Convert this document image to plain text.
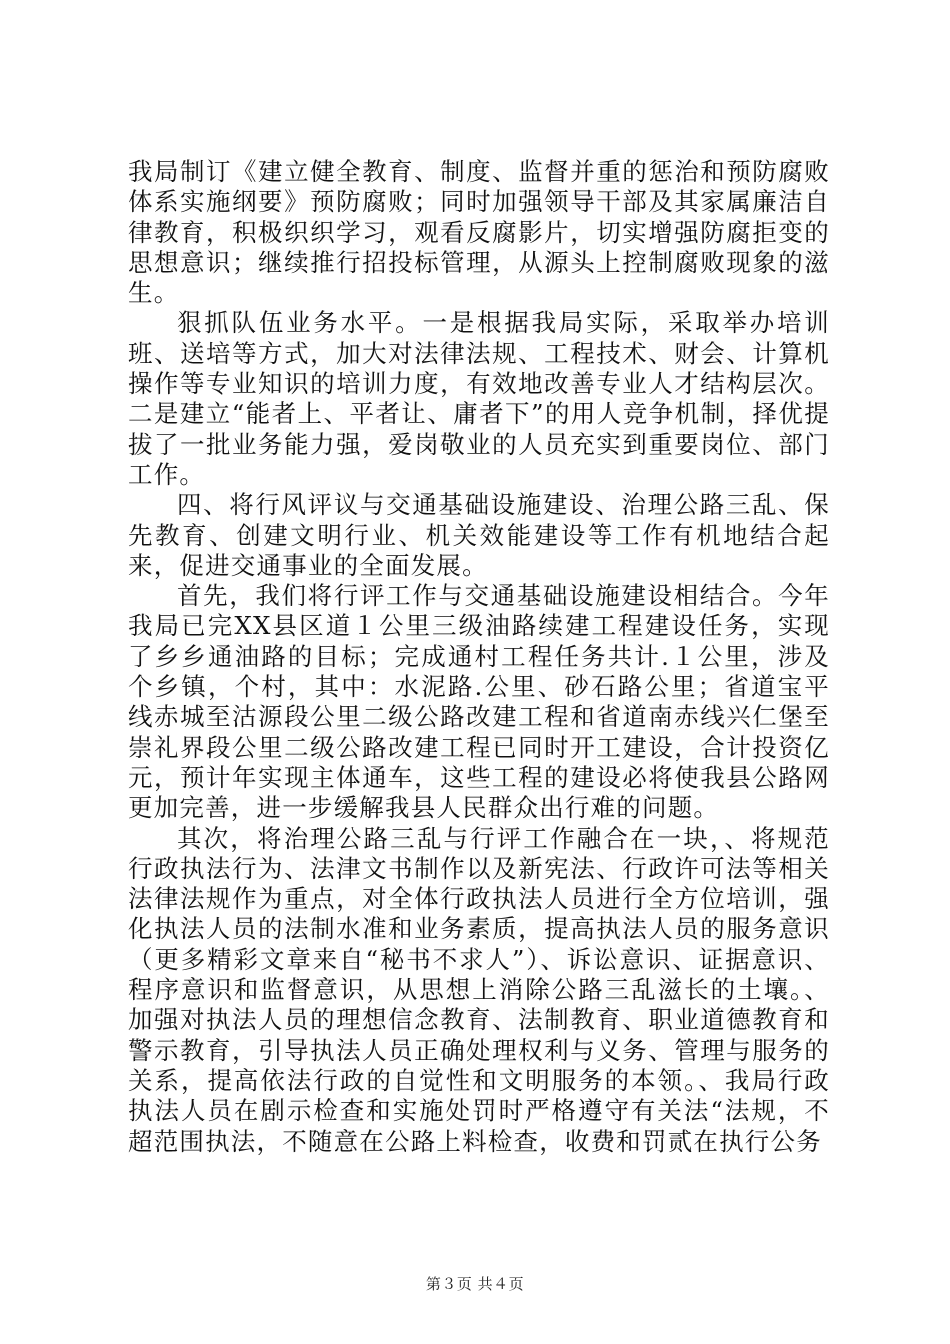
我局制订《建立健全教育、制度、监督并重的惩治和预防腐败体系实施纲要》预防腐败；同时加强领导干部及其家属廉洁自律教育，积极织织学习，观看反腐影片，切实增强防腐拒变的思想意识；继续推行招投标管理，从源头上控制腐败现象的滋生。

狠抓队伍业务水平。一是根据我局实际，采取举办培训班、送培等方式，加大对法律法规、工程技术、财会、计算机操作等专业知识的培训力度，有效地改善专业人才结构层次。二是建立“能者上、平者让、庸者下”的用人竞争机制，择优提拔了一批业务能力强，爱岗敬业的人员充实到重要岗位、部门工作。

四、将行风评议与交通基础设施建设、治理公路三乱、保先教育、创建文明行业、机关效能建设等工作有机地结合起来，促进交通事业的全面发展。

首先，我们将行评工作与交通基础设施建设相结合。今年我局已完XX县区道１公里三级油路续建工程建设任务，实现了乡乡通油路的目标；完成通村工程任务共计.１公里，涉及个乡镇，个村，其中：水泥路.公里、砂石路公里；省道宝平线赤城至沽源段公里二级公路改建工程和省道南赤线兴仁堡至崇礼界段公里二级公路改建工程已同时开工建设，合计投资亿元，预计年实现主体通车，这些工程的建设必将使我县公路网更加完善，进一步缓解我县人民群众出行难的问题。

其次，将治理公路三乱与行评工作融合在一块，、将规范行政执法行为、法津文书制作以及新宪法、行政许可法等相关法律法规作为重点，对全体行政执法人员进行全方位培训，强化执法人员的法制水准和业务素质，提高执法人员的服务意识（更多精彩文章来自“秘书不求人”）、诉讼意识、证据意识、程序意识和监督意识，从思想上消除公路三乱滋长的土壤。、加强对执法人员的理想信念教育、法制教育、职业道德教育和警示教育，引导执法人员正确处理权利与义务、管理与服务的关系，提高依法行政的自觉性和文明服务的本领。、我局行政执法人员在剧示检查和实施处罚时严格遵守有关法“法规，不超范围执法，不随意在公路上料检查，收费和罚贰在执行公务

第３页 共４页
